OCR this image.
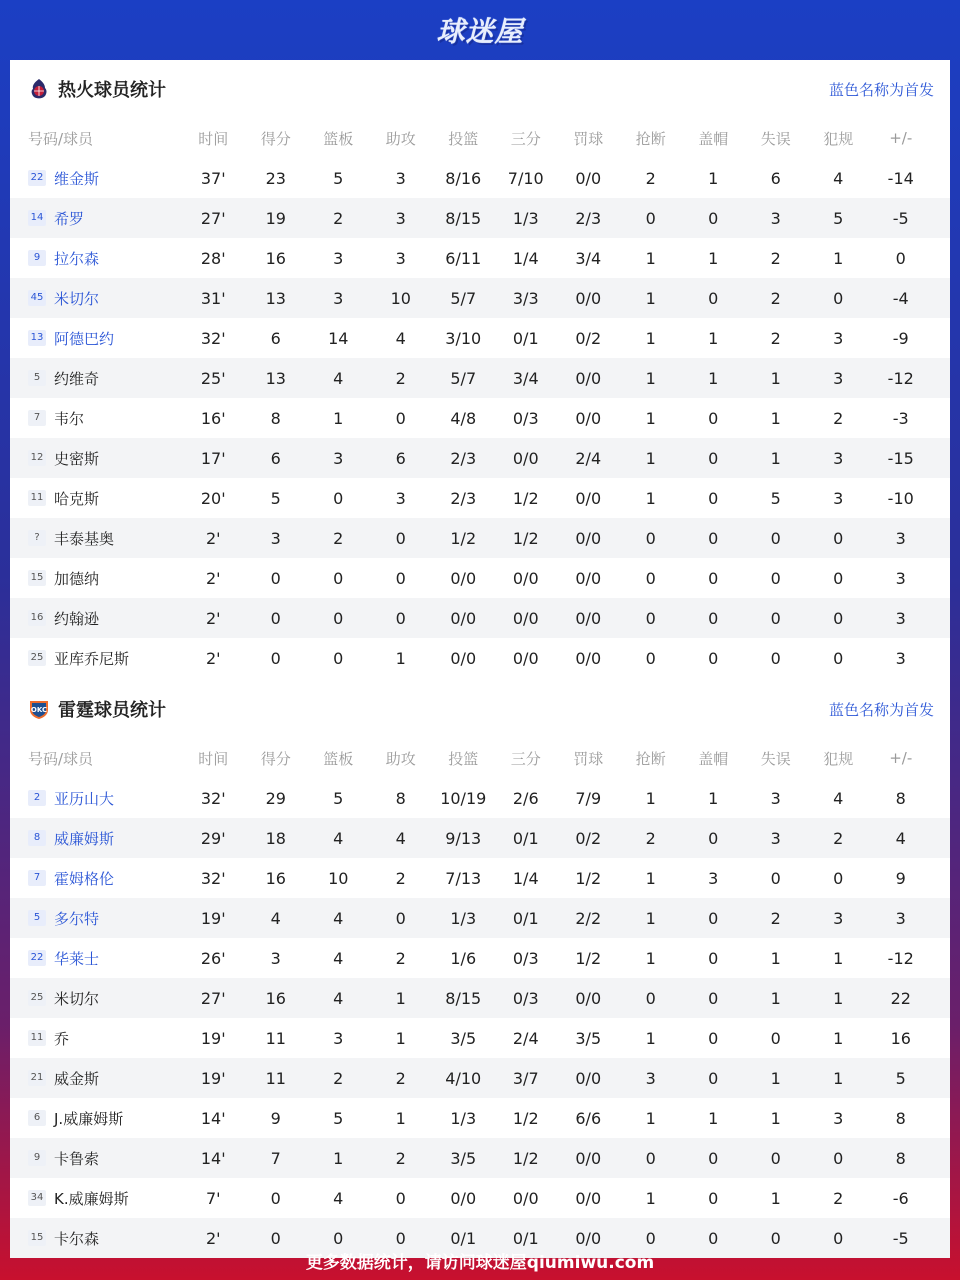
球迷屋
热火球员统计	蓝色名称为首发
号码/球员	时间	得分	篮板	助攻	投篮	三分	罚球	抢断	盖帽	失误	犯规	+/-
22 维金斯	37'	23	5	3	8/16	7/10	0/0	2	1	6	4	-14
14 希罗	27'	19	2	3	8/15	1/3	2/3	0	0	3	5	-5
9 拉尔森	28'	16	3	3	6/11	1/4	3/4	1	1	2	1	0
45 米切尔	31'	13	3	10	5/7	3/3	0/0	1	0	2	0	-4
13 阿德巴约	32'	6	14	4	3/10	0/1	0/2	1	1	2	3	-9
5 约维奇	25'	13	4	2	5/7	3/4	0/0	1	1	1	3	-12
7 韦尔	16'	8	1	0	4/8	0/3	0/0	1	0	1	2	-3
12 史密斯	17'	6	3	6	2/3	0/0	2/4	1	0	1	3	-15
11 哈克斯	20'	5	0	3	2/3	1/2	0/0	1	0	5	3	-10
? 丰泰基奥	2'	3	2	0	1/2	1/2	0/0	0	0	0	0	3
15 加德纳	2'	0	0	0	0/0	0/0	0/0	0	0	0	0	3
16 约翰逊	2'	0	0	0	0/0	0/0	0/0	0	0	0	0	3
25 亚库乔尼斯	2'	0	0	1	0/0	0/0	0/0	0	0	0	0	3
OKC 雷霆球员统计	蓝色名称为首发
号码/球员	时间	得分	篮板	助攻	投篮	三分	罚球	抢断	盖帽	失误	犯规	+/-
2 亚历山大	32'	29	5	8	10/19	2/6	7/9	1	1	3	4	8
8 威廉姆斯	29'	18	4	4	9/13	0/1	0/2	2	0	3	2	4
7 霍姆格伦	32'	16	10	2	7/13	1/4	1/2	1	3	0	0	9
5 多尔特	19'	4	4	0	1/3	0/1	2/2	1	0	2	3	3
22 华莱士	26'	3	4	2	1/6	0/3	1/2	1	0	1	1	-12
25 米切尔	27'	16	4	1	8/15	0/3	0/0	0	0	1	1	22
11 乔	19'	11	3	1	3/5	2/4	3/5	1	0	0	1	16
21 威金斯	19'	11	2	2	4/10	3/7	0/0	3	0	1	1	5
6 J.威廉姆斯	14'	9	5	1	1/3	1/2	6/6	1	1	1	3	8
9 卡鲁索	14'	7	1	2	3/5	1/2	0/0	0	0	0	0	8
34 K.威廉姆斯	7'	0	4	0	0/0	0/0	0/0	1	0	1	2	-6
15 卡尔森	2'	0	0	0	0/1	0/1	0/0	0	0	0	0	-5
更多数据统计，请访问球迷屋qiumiwu.com
